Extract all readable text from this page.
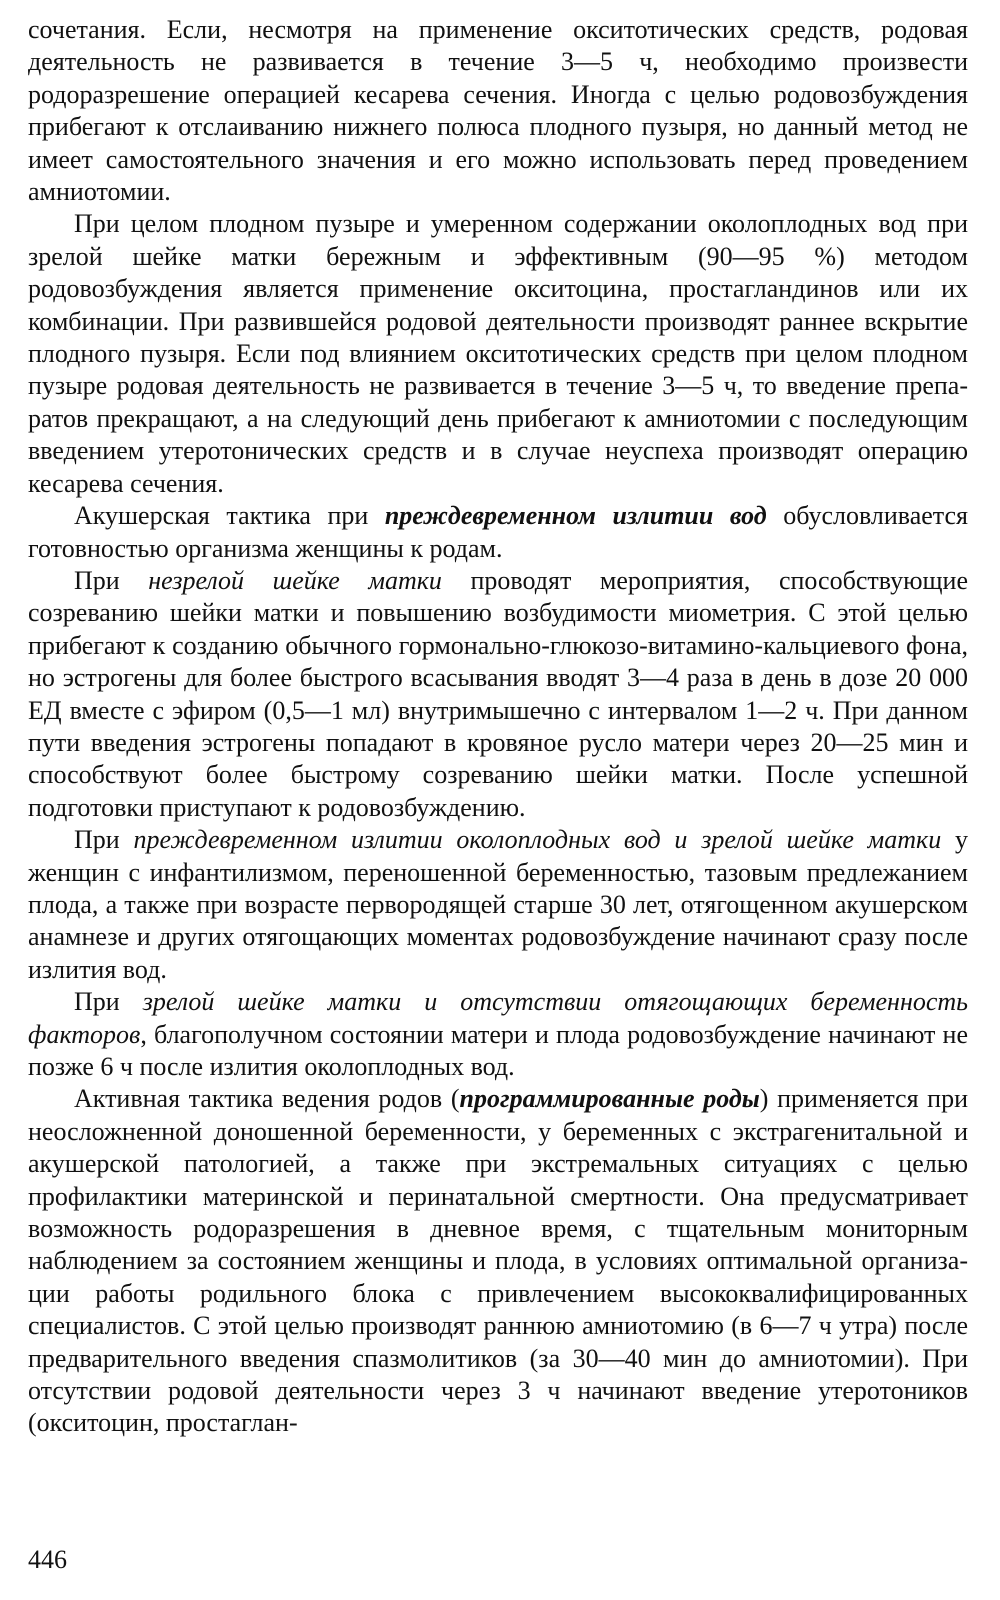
сочетания. Если, несмотря на применение окситотических средств, родовая деятельность не развивается в течение 3—5 ч, необходимо произвести родоразрешение операцией кесарева сечения. Иногда с целью родовозбуждения прибегают к отслаиванию нижнего полюса плодного пузыря, но данный метод не имеет самостоятельного значения и его можно использовать перед проведением амниотомии.

При целом плодном пузыре и умеренном содержании околоплодных вод при зрелой шейке матки бережным и эффективным (90—95 %) методом родовозбуждения является применение окситоцина, простагландинов или их комбинации. При развившейся родовой деятельности производят раннее вскрытие плодного пузыря. Если под влиянием окситотических средств при целом плодном пузыре родовая деятельность не развивается в течение 3—5 ч, то введение препаратов прекращают, а на следующий день прибегают к амниотомии с последующим введением утеротонических средств и в случае неуспеха производят операцию кесарева сечения.

Акушерская тактика при преждевременном излитии вод обусловливается готовностью организма женщины к родам.

При незрелой шейке матки проводят мероприятия, способствующие созреванию шейки матки и повышению возбудимости миометрия. С этой целью прибегают к созданию обычного гормонально-глюкозо-витамино-кальциевого фона, но эстрогены для более быстрого всасывания вводят 3—4 раза в день в дозе 20 000 ЕД вместе с эфиром (0,5—1 мл) внутримышечно с интервалом 1—2 ч. При данном пути введения эстрогены попадают в кровяное русло матери через 20—25 мин и способствуют более быстрому созреванию шейки матки. После успешной подготовки приступают к родовозбуждению.

При преждевременном излитии околоплодных вод и зрелой шейке матки у женщин с инфантилизмом, переношенной беременностью, тазовым предлежанием плода, а также при возрасте первоpoдящей старше 30 лет, отягощенном акушерском анамнезе и других отягощающих моментах родовозбуждение начинают сразу после излития вод.

При зрелой шейке матки и отсутствии отягощающих беременность факторов, благополучном состоянии матери и плода родовозбуждение начинают не позже 6 ч после излития околоплодных вод.

Активная тактика ведения родов (программированные роды) применяется при неосложненной доношенной беременности, у беременных с экстрагенитальной и акушерской патологией, а также при экстремальных ситуациях с целью профилактики материнской и перинатальной смертности. Она предусматривает возможность родоразрешения в дневное время, с тщательным мониторным наблюдением за состоянием женщины и плода, в условиях оптимальной организации работы родильного блока с привлечением высококвалифицированных специалистов. С этой целью производят раннюю амниотомию (в 6—7 ч утра) после предварительного введения спазмолитиков (за 30—40 мин до амниотомии). При отсутствии родовой деятельности через 3 ч начинают введение утеротоников (окситоцин, простаглан-

446
